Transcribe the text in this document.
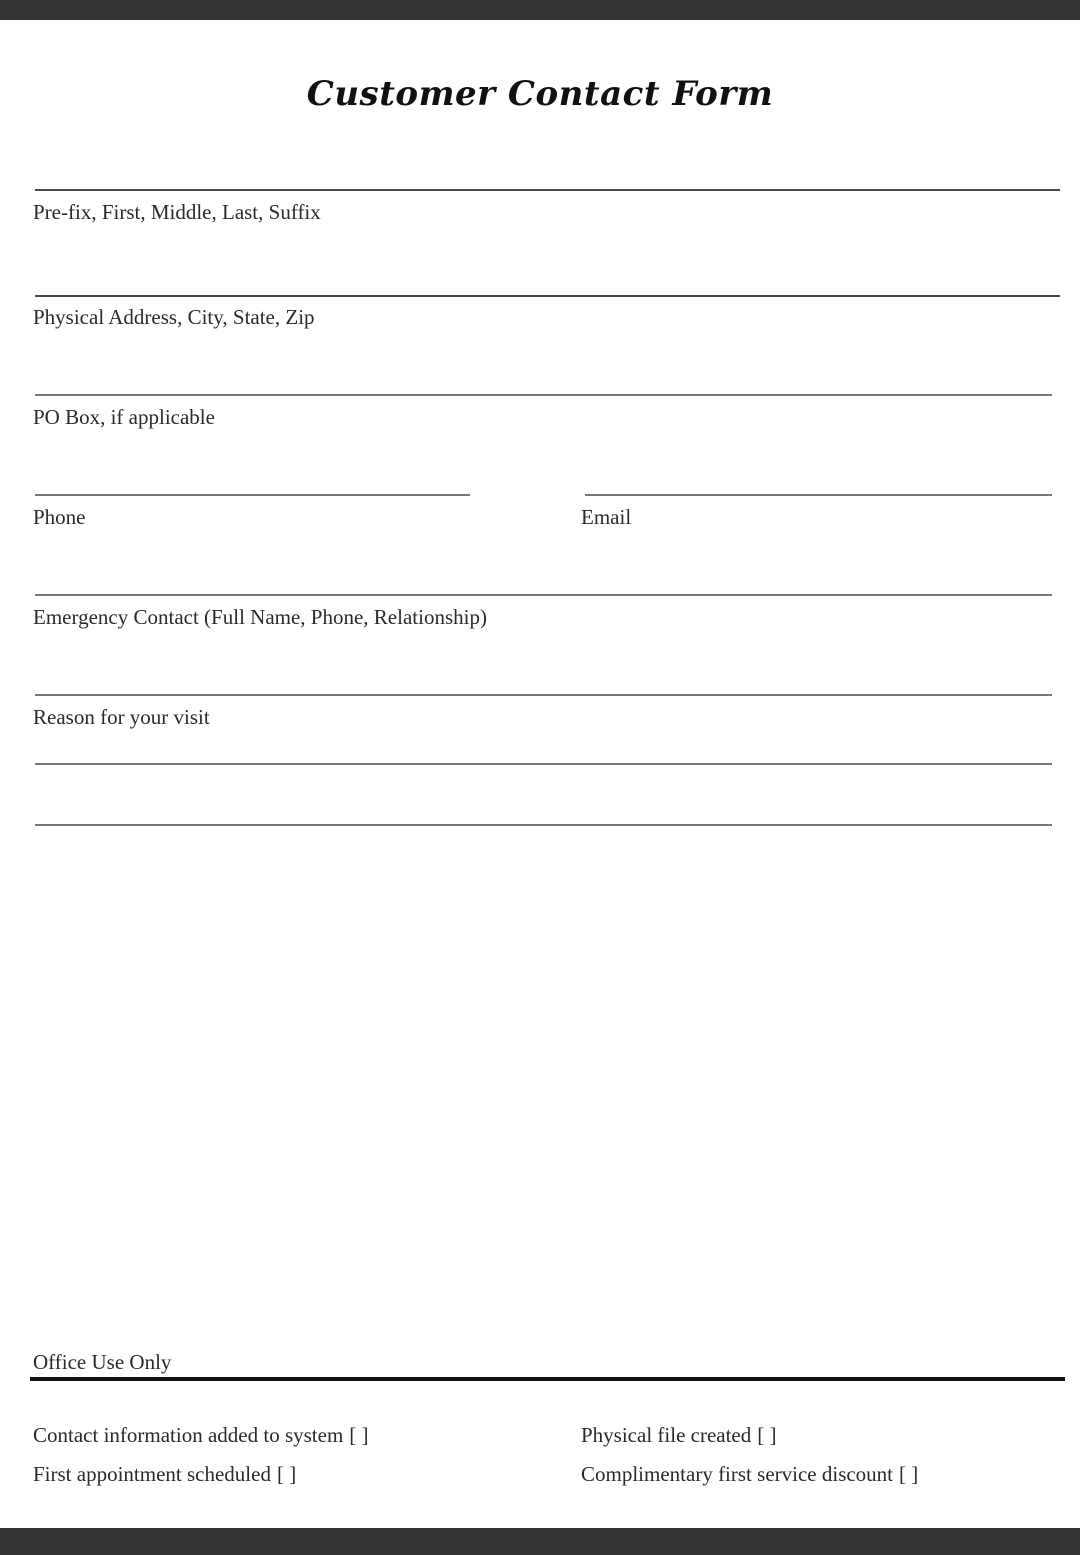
Customer Contact Form
Pre-fix, First, Middle, Last, Suffix
Physical Address, City, State, Zip
PO Box, if applicable
Phone	Email
Emergency Contact (Full Name, Phone, Relationship)
Reason for your visit
Office Use Only
Contact information added to system [ ]	Physical file created [ ]
First appointment scheduled [ ]	Complimentary first service discount [ ]
